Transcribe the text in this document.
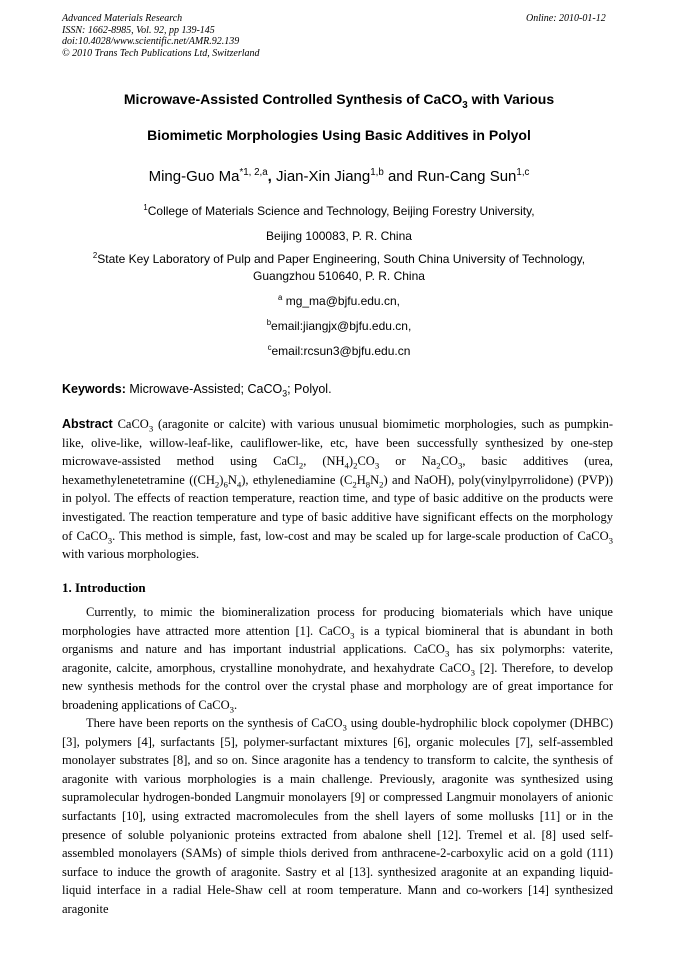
Advanced Materials Research
ISSN: 1662-8985, Vol. 92, pp 139-145
doi:10.4028/www.scientific.net/AMR.92.139
© 2010 Trans Tech Publications Ltd, Switzerland
Online: 2010-01-12
Microwave-Assisted Controlled Synthesis of CaCO$_3$ with Various
Biomimetic Morphologies Using Basic Additives in Polyol
Ming-Guo Ma$^{*1, 2,a}$, Jian-Xin Jiang$^{1,b}$ and Run-Cang Sun$^{1,c}$
$^1$College of Materials Science and Technology, Beijing Forestry University,
Beijing 100083, P. R. China
$^2$State Key Laboratory of Pulp and Paper Engineering, South China University of Technology,
Guangzhou 510640, P. R. China
$^a$ mg_ma@bjfu.edu.cn,
$^b$email:jiangjx@bjfu.edu.cn,
$^c$email:rcsun3@bjfu.edu.cn
Keywords: Microwave-Assisted; CaCO$_3$; Polyol.
Abstract CaCO$_3$ (aragonite or calcite) with various unusual biomimetic morphologies, such as pumpkin-like, olive-like, willow-leaf-like, cauliflower-like, etc, have been successfully synthesized by one-step microwave-assisted method using CaCl$_2$, $(NH_4)_2CO_3$ or $Na_2CO_3$, basic additives (urea, hexamethylenetetramine $((CH_2)_6N_4)$, ethylenediamine $(C_2H_8N_2)$ and NaOH), poly(vinylpyrrolidone) (PVP)) in polyol. The effects of reaction temperature, reaction time, and type of basic additive on the products were investigated. The reaction temperature and type of basic additive have significant effects on the morphology of CaCO$_3$. This method is simple, fast, low-cost and may be scaled up for large-scale production of CaCO$_3$ with various morphologies.
1. Introduction
Currently, to mimic the biomineralization process for producing biomaterials which have unique morphologies have attracted more attention [1]. CaCO$_3$ is a typical biomineral that is abundant in both organisms and nature and has important industrial applications. CaCO$_3$ has six polymorphs: vaterite, aragonite, calcite, amorphous, crystalline monohydrate, and hexahydrate CaCO$_3$ [2]. Therefore, to develop new synthesis methods for the control over the crystal phase and morphology are of great importance for broadening applications of CaCO$_3$.
There have been reports on the synthesis of CaCO$_3$ using double-hydrophilic block copolymer (DHBC) [3], polymers [4], surfactants [5], polymer-surfactant mixtures [6], organic molecules [7], self-assembled monolayer substrates [8], and so on. Since aragonite has a tendency to transform to calcite, the synthesis of aragonite with various morphologies is a main challenge. Previously, aragonite was synthesized using supramolecular hydrogen-bonded Langmuir monolayers [9] or compressed Langmuir monolayers of anionic surfactants [10], using extracted macromolecules from the shell layers of some mollusks [11] or in the presence of soluble polyanionic proteins extracted from abalone shell [12]. Tremel et al. [8] used self-assembled monolayers (SAMs) of simple thiols derived from anthracene-2-carboxylic acid on a gold (111) surface to induce the growth of aragonite. Sastry et al [13]. synthesized aragonite at an expanding liquid-liquid interface in a radial Hele-Shaw cell at room temperature. Mann and co-workers [14] synthesized aragonite
